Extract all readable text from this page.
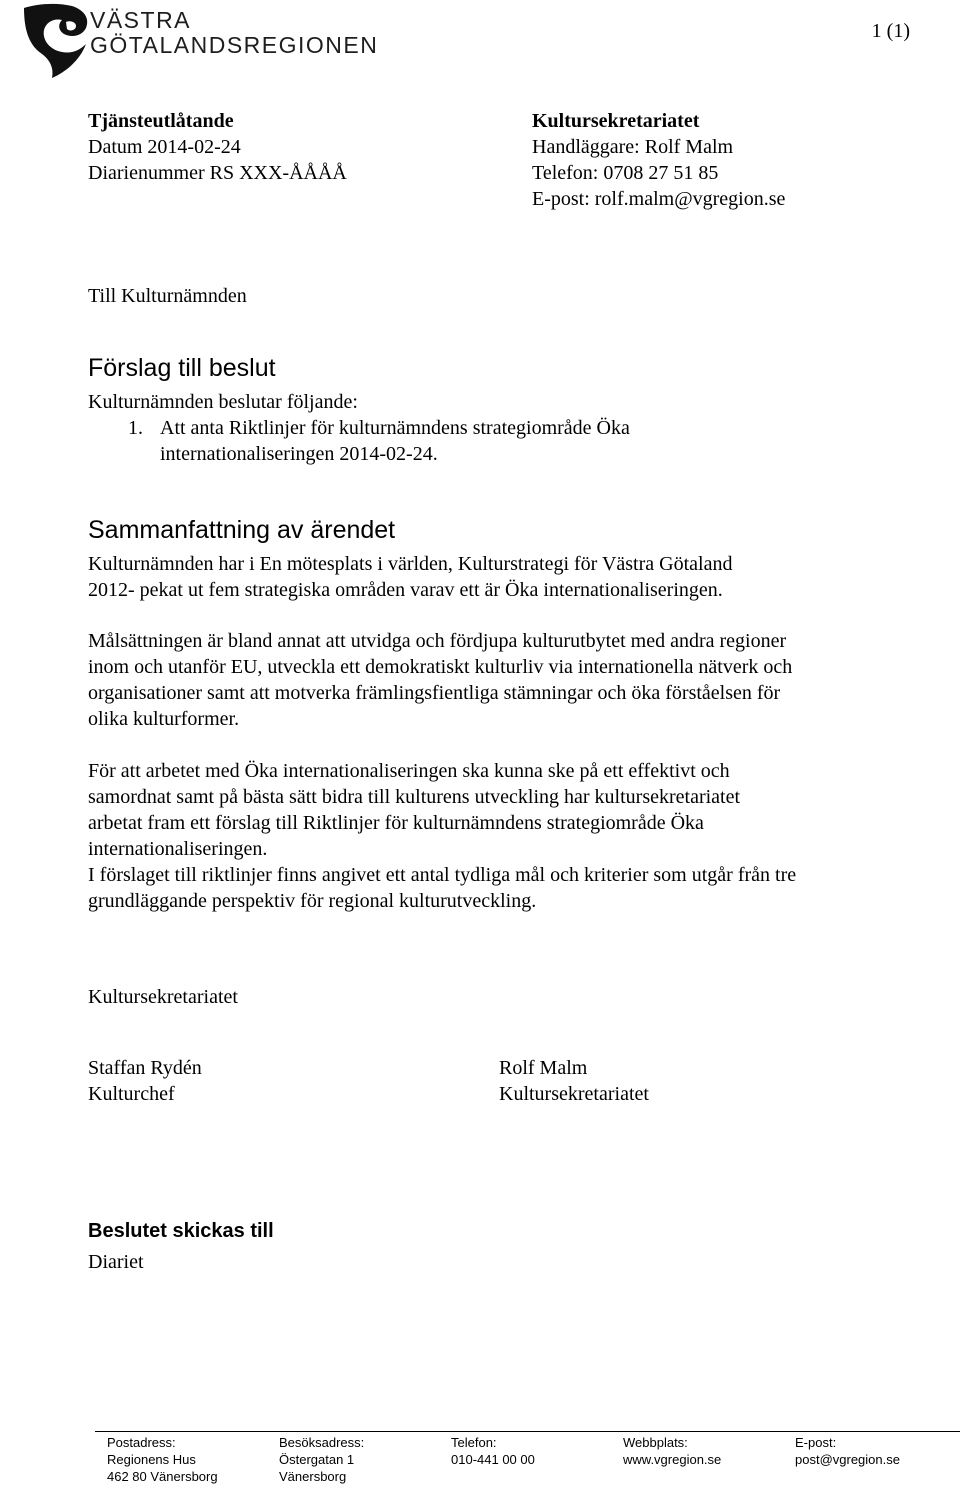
VÄSTRA
GÖTALANDSREGIONEN
1 (1)
Tjänsteutlåtande
Datum 2014-02-24
Diarienummer RS XXX-ÅÅÅÅ
Kultursekretariatet
Handläggare: Rolf Malm
Telefon: 0708 27 51 85
E-post: rolf.malm@vgregion.se
Till Kulturnämnden
Förslag till beslut

Kulturnämnden beslutar följande:

1. Att anta Riktlinjer för kulturnämndens strategiområde Öka
internationaliseringen 2014-02-24.
Sammanfattning av ärendet
Kulturnämnden har i En mötesplats i världen, Kulturstrategi för Västra Götaland
2012- pekat ut fem strategiska områden varav ett är Öka internationaliseringen.
Målsättningen är bland annat att utvidga och fördjupa kulturutbytet med andra regioner
inom och utanför EU, utveckla ett demokratiskt kulturliv via internationella nätverk och
organisationer samt att motverka främlingsfientliga stämningar och öka förståelsen för
olika kulturformer.
För att arbetet med Öka internationaliseringen ska kunna ske på ett effektivt och
samordnat samt på bästa sätt bidra till kulturens utveckling har kultursekretariatet
arbetat fram ett förslag till Riktlinjer för kulturnämndens strategiområde Öka
internationaliseringen.
I förslaget till riktlinjer finns angivet ett antal tydliga mål och kriterier som utgår från tre
grundläggande perspektiv för regional kulturutveckling.
Kultursekretariatet
Staffan Rydén
Kulturchef
Rolf Malm
Kultursekretariatet
Beslutet skickas till
Diariet
Postadress:
Regionens Hus
462 80 Vänersborg
Besöksadress:
Östergatan 1
Vänersborg
Telefon:
010-441 00 00
Webbplats:
www.vgregion.se
E-post:
post@vgregion.se
